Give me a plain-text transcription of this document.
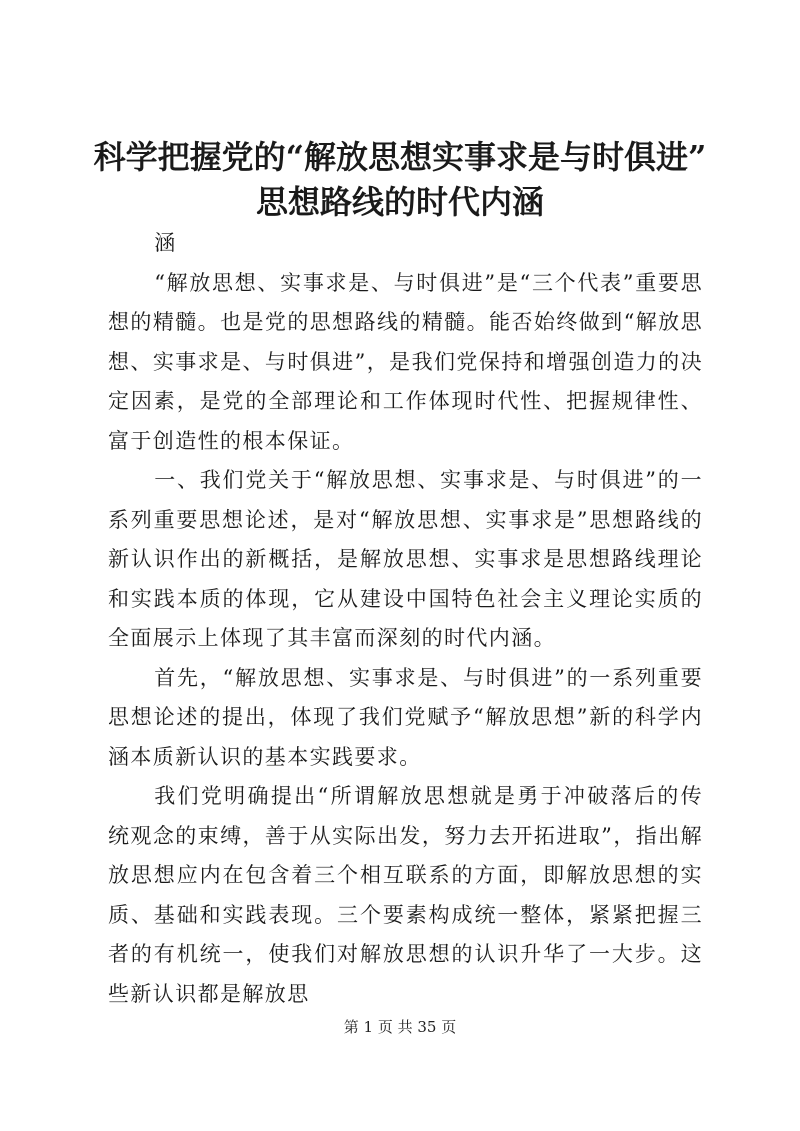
科学把握党的“解放思想实事求是与时俱进”
思想路线的时代内涵

涵

“解放思想、实事求是、与时俱进”是“三个代表”重要思想的精髓。也是党的思想路线的精髓。能否始终做到“解放思想、实事求是、与时俱进”，是我们党保持和增强创造力的决定因素，是党的全部理论和工作体现时代性、把握规律性、富于创造性的根本保证。

一、我们党关于“解放思想、实事求是、与时俱进”的一系列重要思想论述，是对“解放思想、实事求是”思想路线的新认识作出的新概括，是解放思想、实事求是思想路线理论和实践本质的体现，它从建设中国特色社会主义理论实质的全面展示上体现了其丰富而深刻的时代内涵。

首先，“解放思想、实事求是、与时俱进”的一系列重要思想论述的提出，体现了我们党赋予“解放思想”新的科学内涵本质新认识的基本实践要求。

我们党明确提出“所谓解放思想就是勇于冲破落后的传统观念的束缚，善于从实际出发，努力去开拓进取”，指出解放思想应内在包含着三个相互联系的方面，即解放思想的实质、基础和实践表现。三个要素构成统一整体，紧紧把握三者的有机统一，使我们对解放思想的认识升华了一大步。这些新认识都是解放思

第 1 页 共 35 页
